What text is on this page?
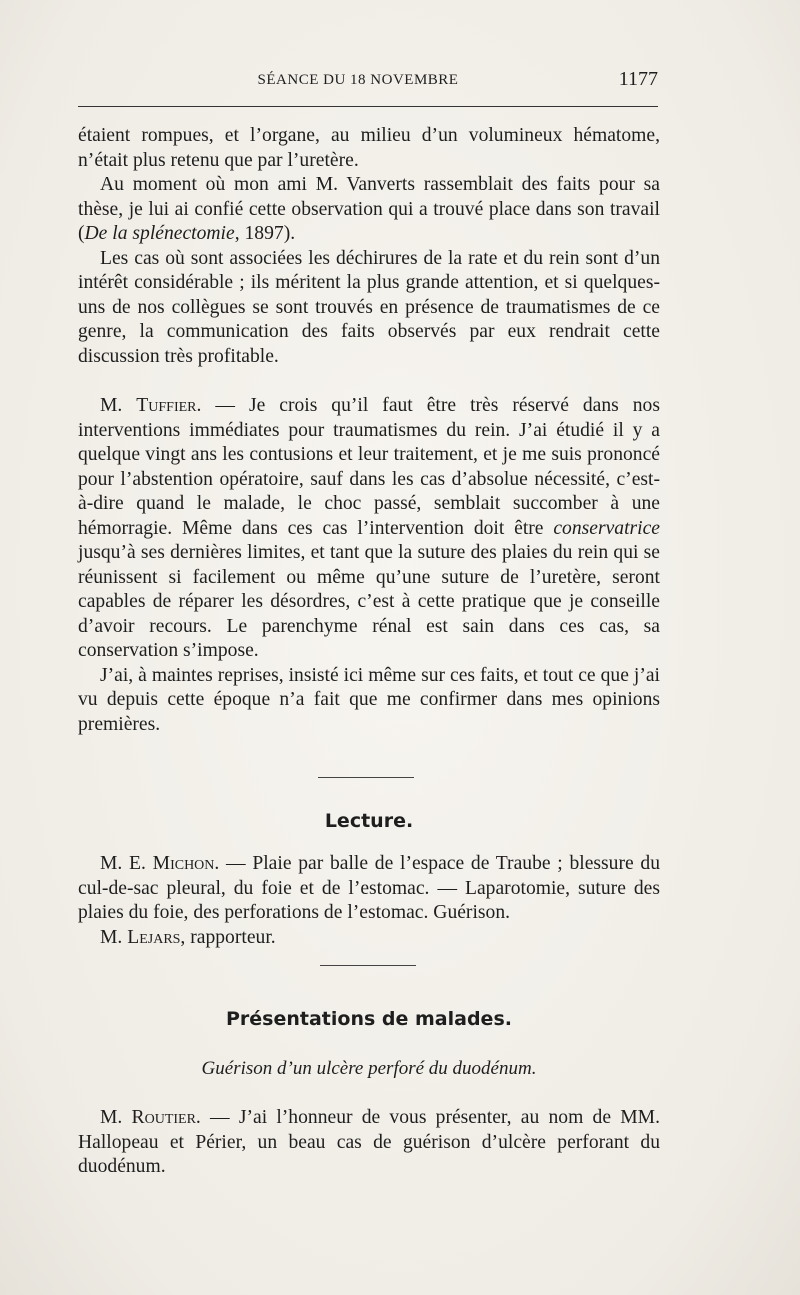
SÉANCE DU 18 NOVEMBRE	1177

étaient rompues, et l’organe, au milieu d’un volumineux hématome, n’était plus retenu que par l’uretère.

Au moment où mon ami M. Vanverts rassemblait des faits pour sa thèse, je lui ai confié cette observation qui a trouvé place dans son travail (De la splénectomie, 1897).

Les cas où sont associées les déchirures de la rate et du rein sont d’un intérêt considérable ; ils méritent la plus grande attention, et si quelques-uns de nos collègues se sont trouvés en présence de traumatismes de ce genre, la communication des faits observés par eux rendrait cette discussion très profitable.

M. Tuffier. — Je crois qu’il faut être très réservé dans nos interventions immédiates pour traumatismes du rein. J’ai étudié il y a quelque vingt ans les contusions et leur traitement, et je me suis prononcé pour l’abstention opératoire, sauf dans les cas d’absolue nécessité, c’est-à-dire quand le malade, le choc passé, semblait succomber à une hémorragie. Même dans ces cas l’intervention doit être conservatrice jusqu’à ses dernières limites, et tant que la suture des plaies du rein qui se réunissent si facilement ou même qu’une suture de l’uretère, seront capables de réparer les désordres, c’est à cette pratique que je conseille d’avoir recours. Le parenchyme rénal est sain dans ces cas, sa conservation s’impose.

J’ai, à maintes reprises, insisté ici même sur ces faits, et tout ce que j’ai vu depuis cette époque n’a fait que me confirmer dans mes opinions premières.

Lecture.

M. E. Michon. — Plaie par balle de l’espace de Traube ; blessure du cul-de-sac pleural, du foie et de l’estomac. — Laparotomie, suture des plaies du foie, des perforations de l’estomac. Guérison.

M. Lejars, rapporteur.

Présentations de malades.
Guérison d’un ulcère perforé du duodénum.

M. Routier. — J’ai l’honneur de vous présenter, au nom de MM. Hallopeau et Périer, un beau cas de guérison d’ulcère perforant du duodénum.
